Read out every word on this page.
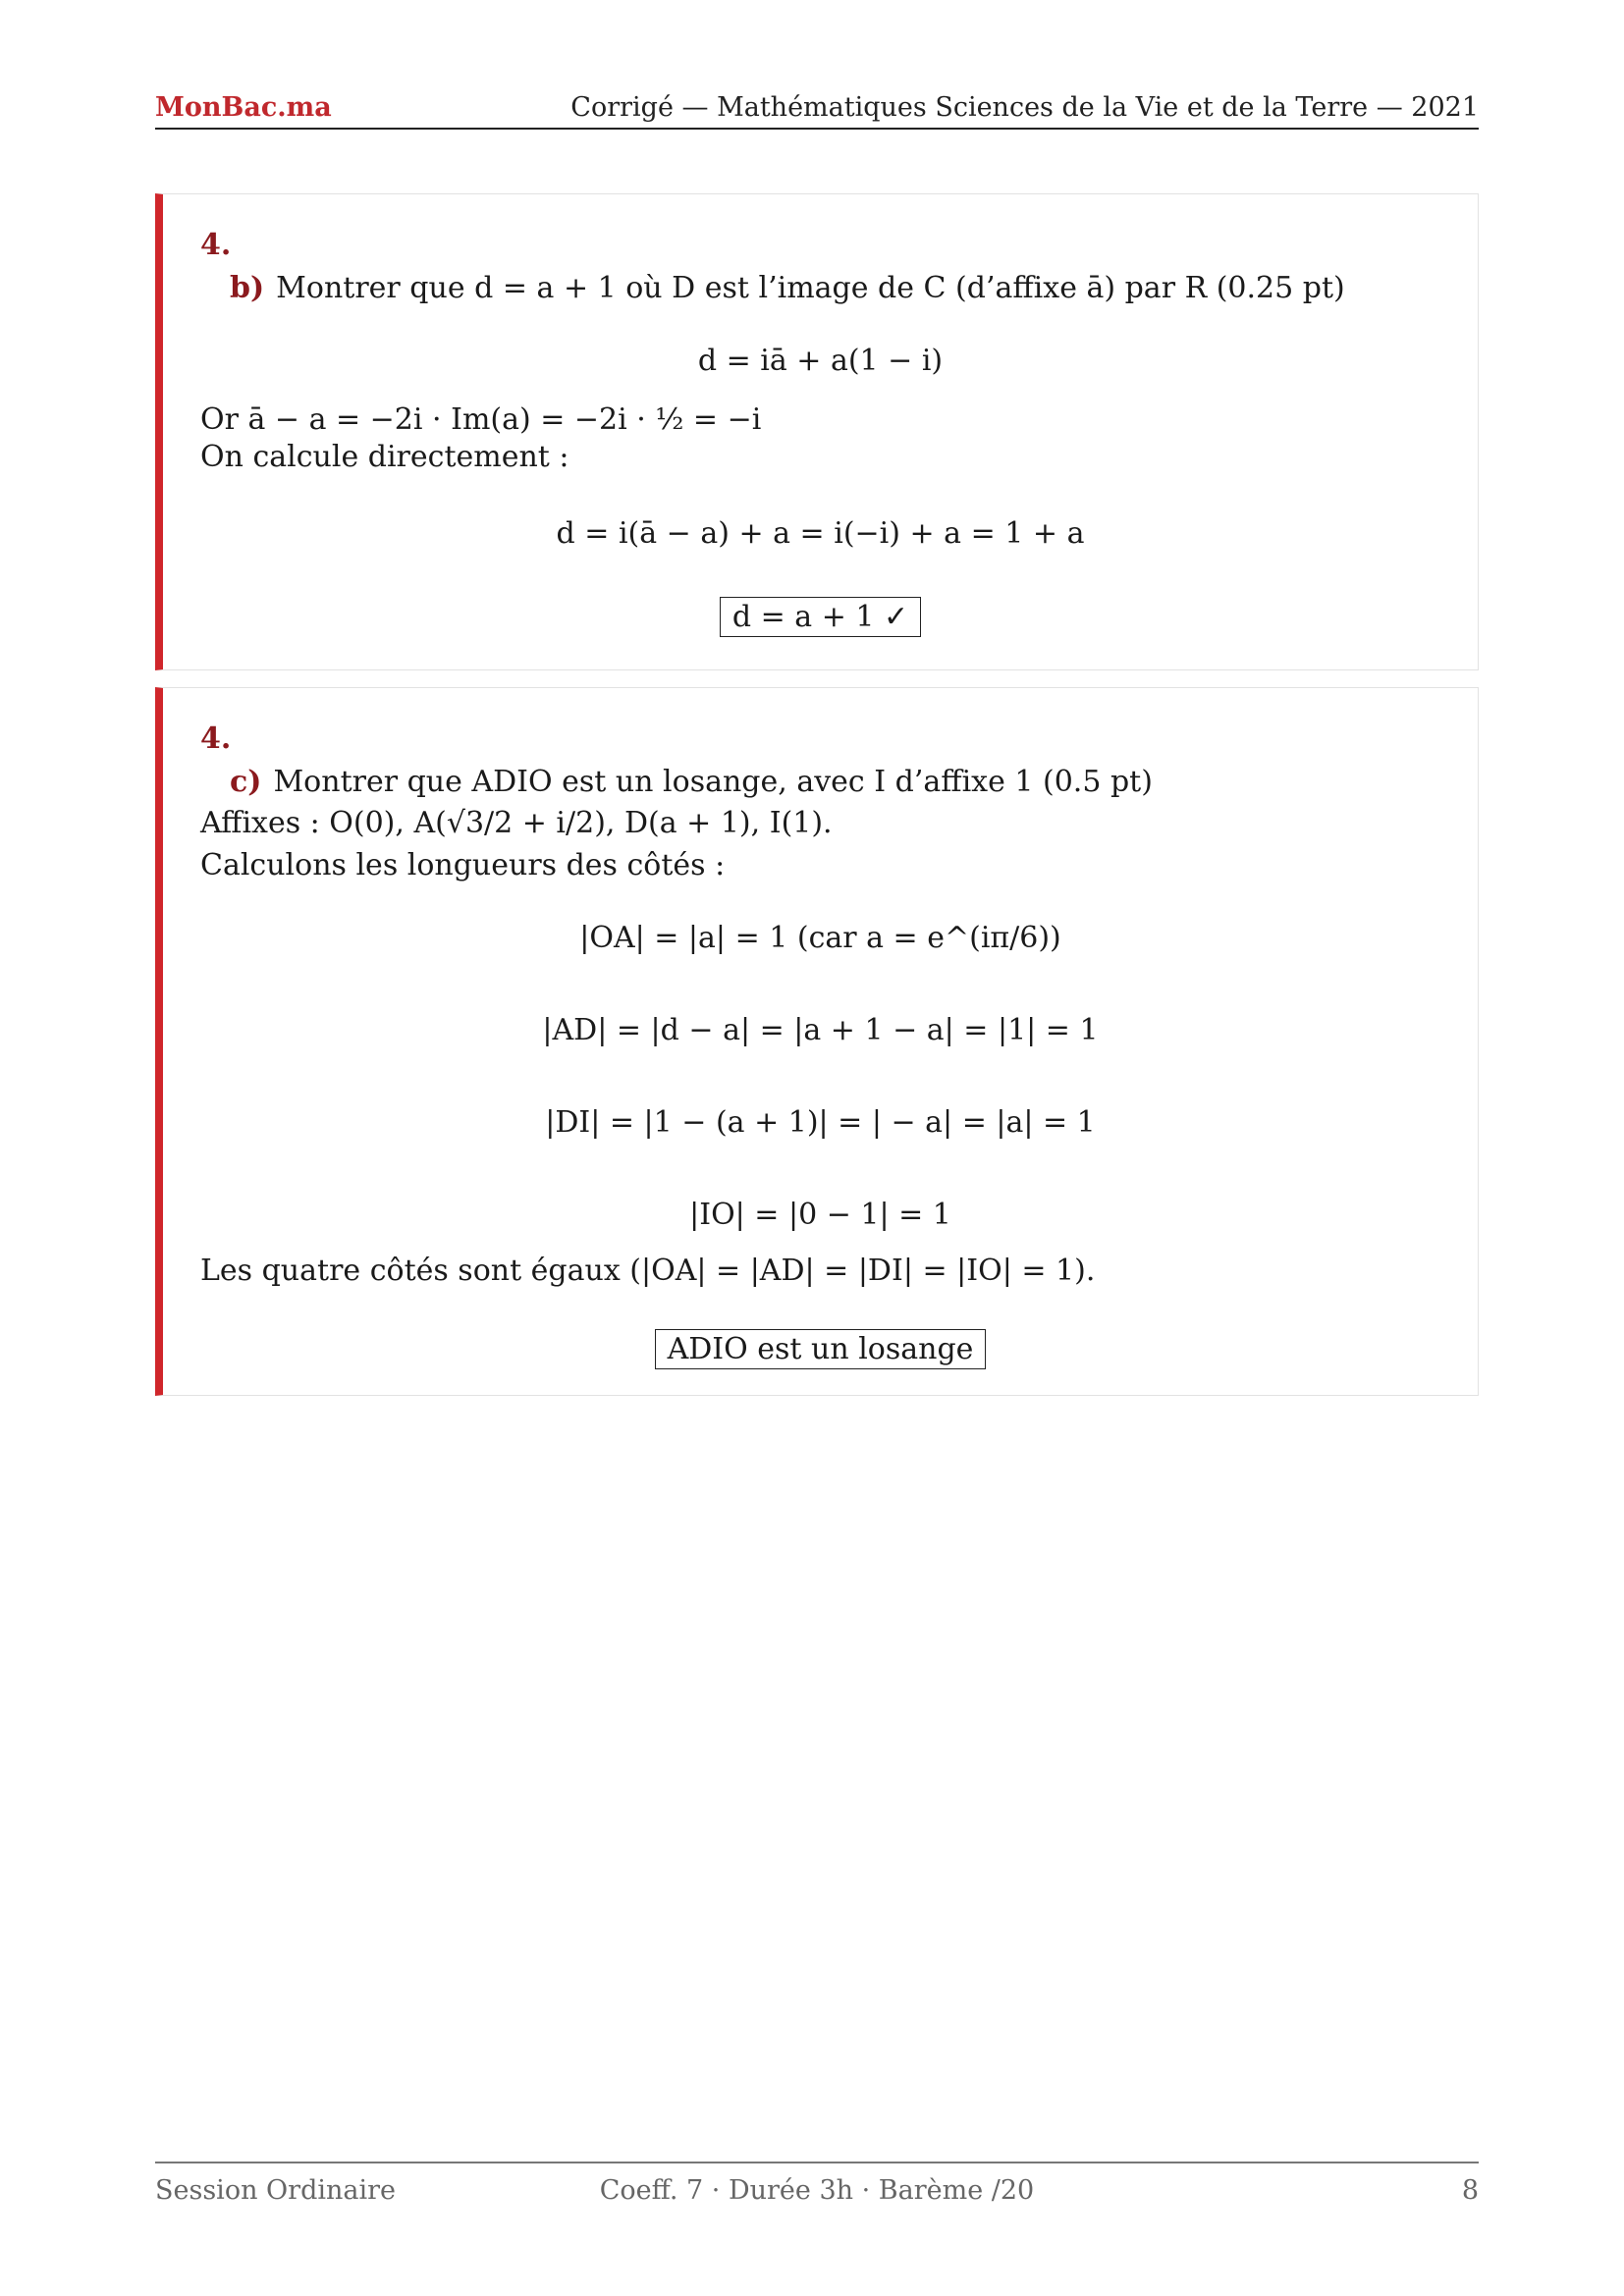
MonBac.ma	Corrigé — Mathématiques Sciences de la Vie et de la Terre — 2021
4.
b) Montrer que d = a + 1 où D est l’image de C (d’affixe ā) par R (0.25 pt)
d = iā + a(1 − i)
Or ā − a = −2i · Im(a) = −2i · ½ = −i
On calcule directement :
d = i(ā − a) + a = i(−i) + a = 1 + a
d = a + 1 ✓
4.
c) Montrer que ADIO est un losange, avec I d’affixe 1 (0.5 pt)
Affixes : O(0), A(√3/2 + i/2), D(a + 1), I(1).
Calculons les longueurs des côtés :
|OA| = |a| = 1 (car a = e^(iπ/6))
|AD| = |d − a| = |a + 1 − a| = |1| = 1
|DI| = |1 − (a + 1)| = | − a| = |a| = 1
|IO| = |0 − 1| = 1
Les quatre côtés sont égaux (|OA| = |AD| = |DI| = |IO| = 1).
ADIO est un losange
Session Ordinaire	Coeff. 7 · Durée 3h · Barème /20	8
